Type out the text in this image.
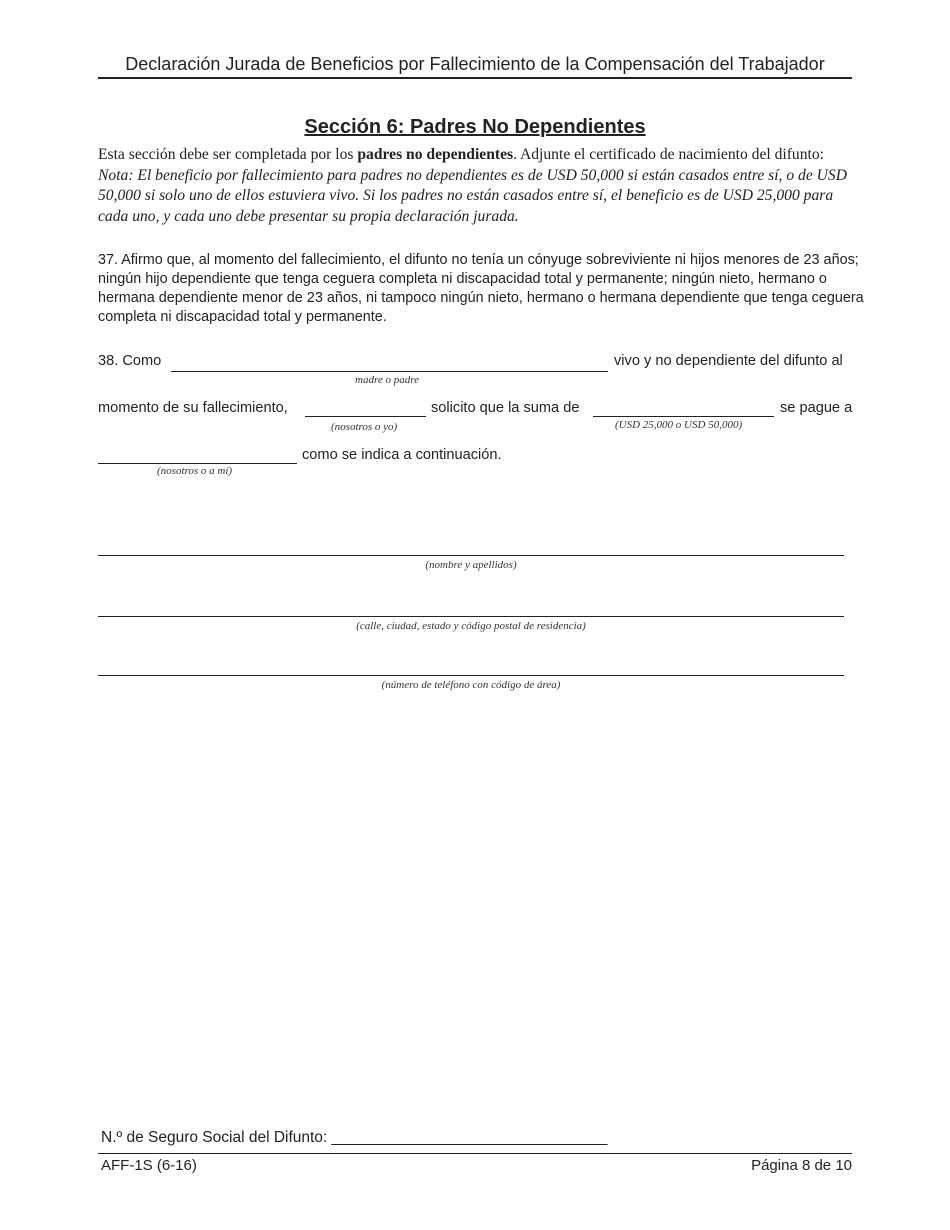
Declaración Jurada de Beneficios por Fallecimiento de la Compensación del Trabajador
Sección 6: Padres No Dependientes
Esta sección debe ser completada por los padres no dependientes. Adjunte el certificado de nacimiento del difunto: Nota: El beneficio por fallecimiento para padres no dependientes es de USD 50,000 si están casados entre sí, o de USD 50,000 si solo uno de ellos estuviera vivo. Si los padres no están casados entre sí, el beneficio es de USD 25,000 para cada uno, y cada uno debe presentar su propia declaración jurada.
37. Afirmo que, al momento del fallecimiento, el difunto no tenía un cónyuge sobreviviente ni hijos menores de 23 años; ningún hijo dependiente que tenga ceguera completa ni discapacidad total y permanente; ningún nieto, hermano o hermana dependiente menor de 23 años, ni tampoco ningún nieto, hermano o hermana dependiente que tenga ceguera completa ni discapacidad total y permanente.
38. Como	vivo y no dependiente del difunto al
madre o padre
momento de su fallecimiento,	solicito que la suma de	se pague a
(nosotros o yo)	(USD 25,000 o USD 50,000)
como se indica a continuación.
(nosotros o a mí)
(nombre y apellidos)
(calle, ciudad, estado y código postal de residencia)
(número de teléfono con código de área)
N.º de Seguro Social del Difunto: ________________________________
AFF-1S (6-16)	Página 8 de 10
